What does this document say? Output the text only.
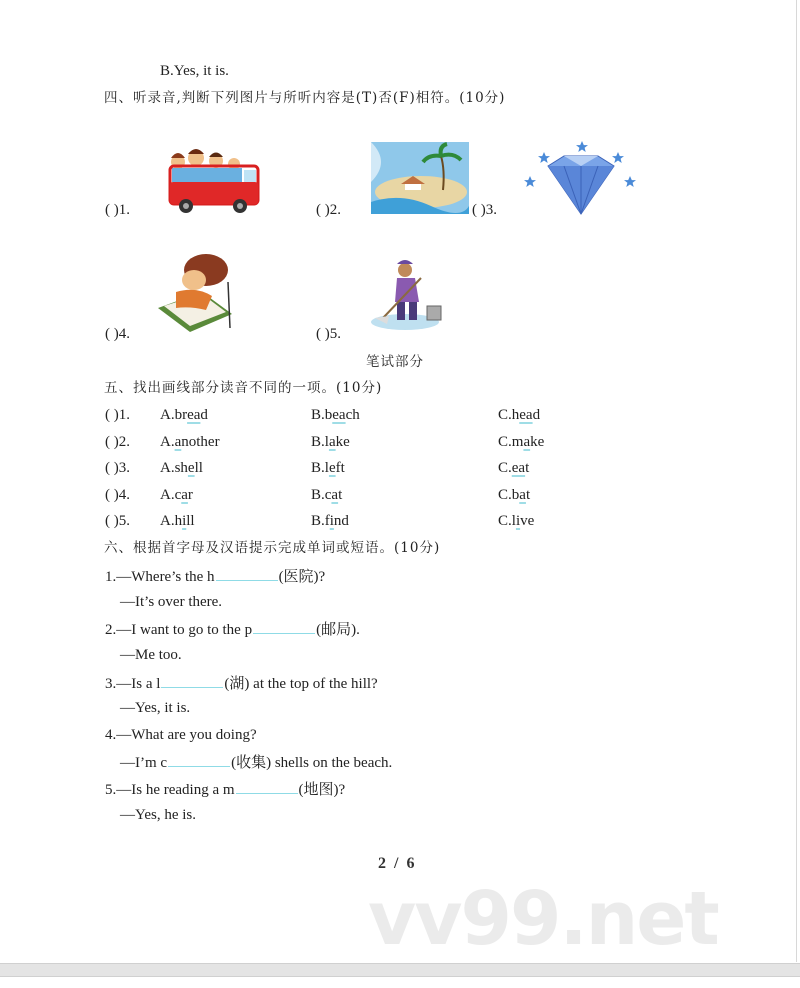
B.Yes, it is.
四、听录音,判断下列图片与所听内容是(T)否(F)相符。(10分)
( )1.	( )2.	( )3.
( )4.	( )5.
笔试部分
五、找出画线部分读音不同的一项。(10分)
( )1. A.bread	B.beach	C.head
( )2. A.another	B.lake	C.make
( )3. A.shell	B.left	C.eat
( )4. A.car	B.cat	C.bat
( )5. A.hill	B.find	C.live
六、根据首字母及汉语提示完成单词或短语。(10分)
1.—Where’s the h	(医院)?
—It’s over there.
2.—I want to go to the p	(邮局).
—Me too.
3.—Is a l	(湖) at the top of the hill?
—Yes, it is.
4.—What are you doing?
—I’m c	(收集) shells on the beach.
5.—Is he reading a m	(地图)?
—Yes, he is.
2 / 6
vv99.net
